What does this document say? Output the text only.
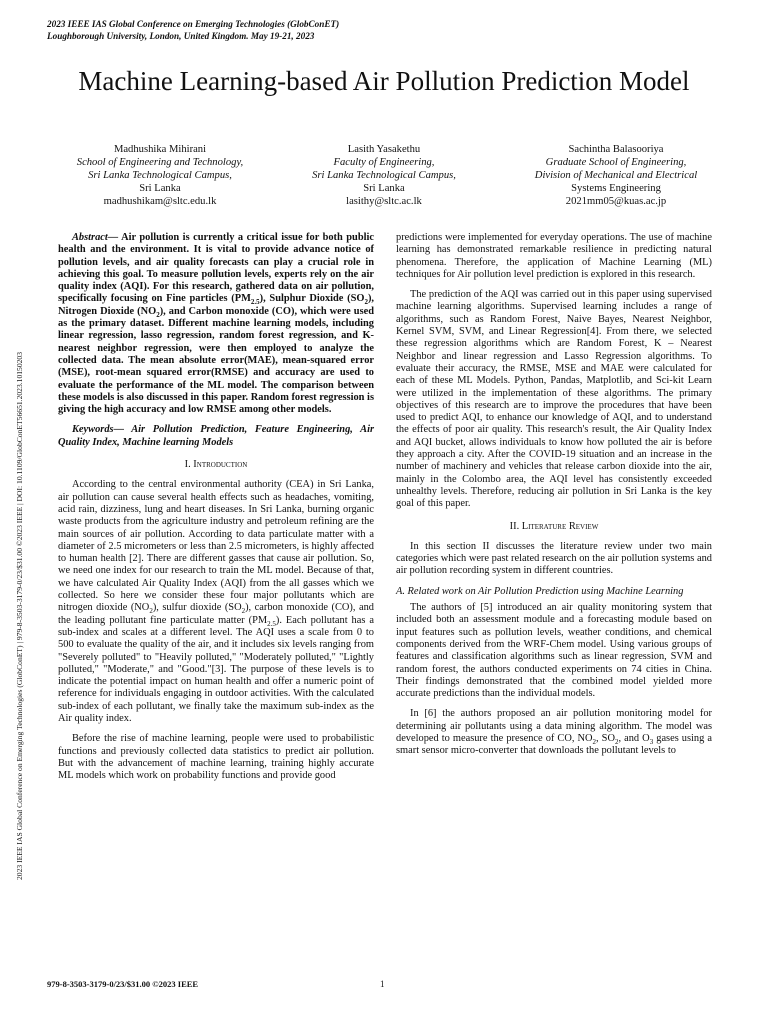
2023 IEEE IAS Global Conference on Emerging Technologies (GlobConET)
Loughborough University, London, United Kingdom. May 19-21, 2023
Machine Learning-based Air Pollution Prediction Model
Madhushika Mihirani
School of Engineering and Technology,
Sri Lanka Technological Campus,
Sri Lanka
madhushikam@sltc.edu.lk
Lasith Yasakethu
Faculty of Engineering,
Sri Lanka Technological Campus,
Sri Lanka
lasithy@sltc.ac.lk
Sachintha Balasooriya
Graduate School of Engineering,
Division of Mechanical and Electrical
Systems Engineering
2021mm05@kuas.ac.jp
2023 IEEE IAS Global Conference on Emerging Technologies (GlobConET) | 979-8-3503-3179-0/23/$31.00 ©2023 IEEE | DOI: 10.1109/GlobConET56651.2023.10150203

Abstract— Air pollution is currently a critical issue for both public health and the environment. It is vital to provide advance notice of pollution levels, and air quality forecasts can play a crucial role in achieving this goal. To measure pollution levels, experts rely on the air quality index (AQI). For this research, gathered data on air pollution, specifically focusing on Fine particles $(PM_{2.5})$, Sulphur Dioxide $(SO_2)$, Nitrogen Dioxide $(NO_2)$, and Carbon monoxide (CO), which were used as the primary dataset. Different machine learning models, including linear regression, lasso regression, random forest regression, and K-nearest neighbor regression, were then employed to analyze the collected data. The mean absolute error(MAE), mean-squared error (MSE), root-mean squared error(RMSE) and accuracy are used to evaluate the performance of the ML model. The comparison between these models is also discussed in this paper. Random forest regression is giving the high accuracy and low RMSE among other models.

Keywords— Air Pollution Prediction, Feature Engineering, Air Quality Index, Machine learning Models

I. Introduction

According to the central environmental authority (CEA) in Sri Lanka, air pollution can cause several health effects such as headaches, vomiting, acid rain, dizziness, lung and heart diseases. In Sri Lanka, burning organic waste products from the agriculture industry and petroleum refining are the main sources of air pollution. According to data particulate matter with a diameter of 2.5 micrometers or less than 2.5 micrometers, is highly affected to human health [2]. There are different gasses that cause air pollution. So, we need one index for our research to train the ML model. Because of that, we have calculated Air Quality Index (AQI) from the all gasses which we collected. So here we consider these four major pollutants which are nitrogen dioxide $(NO_2)$, sulfur dioxide $(SO_2)$, carbon monoxide (CO), and the leading pollutant fine particulate matter $(PM_{2.5})$. Each pollutant has a sub-index and scales at a different level. The AQI uses a scale from 0 to 500 to evaluate the quality of the air, and it includes six levels ranging from "Severely polluted" to "Heavily polluted," "Moderately polluted," "Lightly polluted," "Moderate," and "Good."[3]. The purpose of these levels is to indicate the potential impact on human health and offer a numeric point of reference for individuals engaging in outdoor activities. With the calculated sub-index of each pollutant, we finally take the maximum sub-index as the Air quality index.

Before the rise of machine learning, people were used to probabilistic functions and previously collected data statistics to predict air pollution. But with the advancement of machine learning, training highly accurate ML models which work on probability functions and provide good

predictions were implemented for everyday operations. The use of machine learning has demonstrated remarkable resilience in predicting natural phenomena. Therefore, the application of Machine Learning (ML) techniques for Air pollution level prediction is explored in this research.

The prediction of the AQI was carried out in this paper using supervised machine learning algorithms. Supervised learning includes a range of algorithms, such as Random Forest, Naive Bayes, Nearest Neighbor, Kernel SVM, SVM, and Linear Regression[4]. From there, we selected these regression algorithms which are Random Forest, K – Nearest Neighbor and linear regression and Lasso Regression algorithms. To evaluate their accuracy, the RMSE, MSE and MAE were calculated for each of these ML Models. Python, Pandas, Matplotlib, and Sci-kit Learn were utilized in the implementation of these algorithms. The primary objectives of this research are to improve the procedures that have been used to predict AQI, to enhance our knowledge of AQI, and to understand the effects of poor air quality. This research's result, the Air Quality Index and AQI bucket, allows individuals to know how polluted the air is before they approach a city. After the COVID-19 situation and an increase in the number of machinery and vehicles that release carbon dioxide into the air, mainly in the Colombo area, the AQI level has consistently exceeded unhealthy levels. Therefore, reducing air pollution in Sri Lanka is the key goal of this paper.

II. Literature Review

In this section II discusses the literature review under two main categories which were past related research on the air pollution systems and air pollution recording system in different countries.

A. Related work on Air Pollution Prediction using Machine Learning

The authors of [5] introduced an air quality monitoring system that included both an assessment module and a forecasting module based on input features such as pollution levels, weather conditions, and chemical components derived from the WRF-Chem model. Using various groups of features and classification algorithms such as linear regression, SVM and random forest, the authors conducted experiments on 74 cities in China. Their findings demonstrated that the combined model yielded more accurate predictions than the individual models.

In [6] the authors proposed an air pollution monitoring model for determining air pollutants using a data mining algorithm. The model was developed to measure the presence of CO, $NO_2$, $SO_2$, and $O_3$ gases using a smart sensor micro-converter that downloads the pollutant levels to

979-8-3503-3179-0/23/$31.00 ©2023 IEEE	1
